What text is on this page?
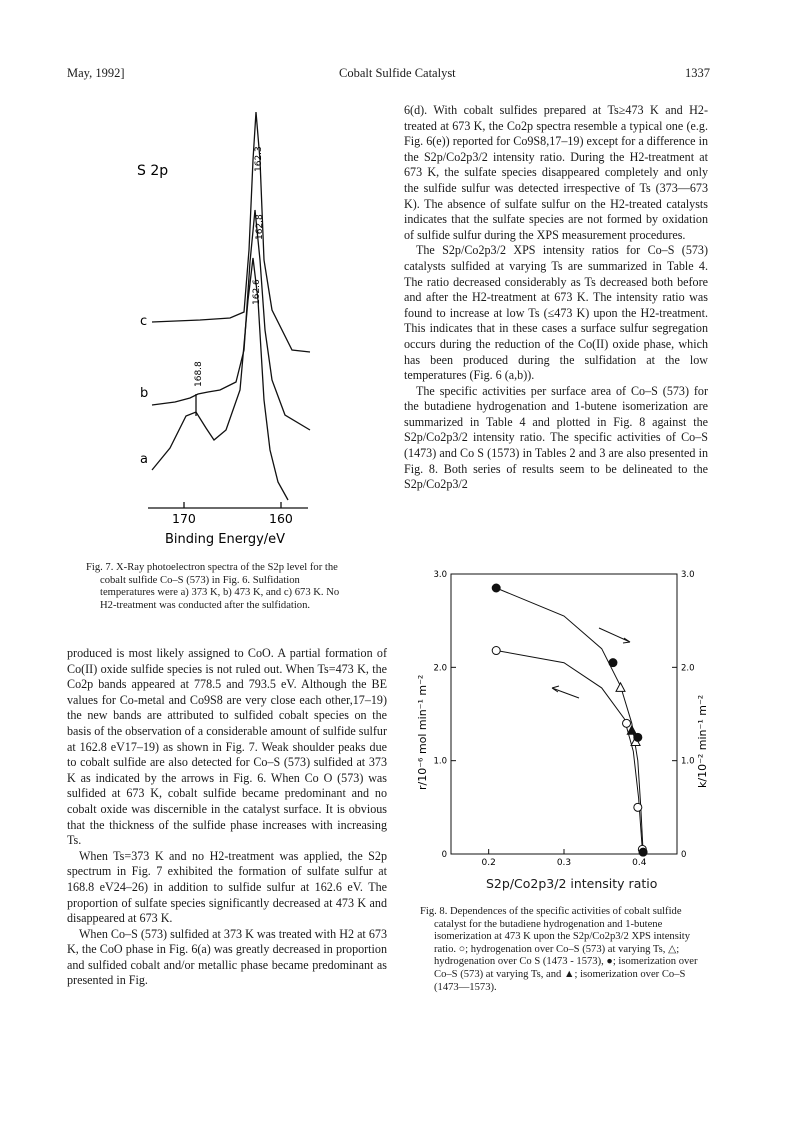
May, 1992]	Cobalt Sulfide Catalyst	1337
S 2p
c
b
a
162.3
162.8
162.6
168.8
170	160
Binding Energy/eV
Fig. 7. X-Ray photoelectron spectra of the S2p level for the cobalt sulfide Co–S (573) in Fig. 6. Sulfidation temperatures were a) 373 K, b) 473 K, and c) 673 K. No H2-treatment was conducted after the sulfidation.

6(d). With cobalt sulfides prepared at Ts≥473 K and H2-treated at 673 K, the Co2p spectra resemble a typical one (e.g. Fig. 6(e)) reported for Co9S8,17–19) except for a difference in the S2p/Co2p3/2 intensity ratio. During the H2-treatment at 673 K, the sulfate species disappeared completely and only the sulfide sulfur was detected irrespective of Ts (373—673 K). The absence of sulfate sulfur on the H2-treated catalysts indicates that the sulfate species are not formed by oxidation of sulfide sulfur during the XPS measurement procedures.

The S2p/Co2p3/2 XPS intensity ratios for Co–S (573) catalysts sulfided at varying Ts are summarized in Table 4. The ratio decreased considerably as Ts decreased both before and after the H2-treatment at 673 K. The intensity ratio was found to increase at low Ts (≤473 K) upon the H2-treatment. This indicates that in these cases a surface sulfur segregation occurs during the reduction of the Co(II) oxide phase, which has been produced during the sulfidation at the low temperatures (Fig. 6 (a,b)).

The specific activities per surface area of Co–S (573) for the butadiene hydrogenation and 1-butene isomerization are summarized in Table 4 and plotted in Fig. 8 against the S2p/Co2p3/2 intensity ratio. The specific activities of Co–S (1473) and Co S (1573) in Tables 2 and 3 are also presented in Fig. 8. Both series of results seem to be delineated to the S2p/Co2p3/2

0.2	0.3	0.4
0
1.0
2.0
3.0
0
1.0
2.0
3.0
r/10⁻⁶ mol min⁻¹ m⁻²	k/10⁻² min⁻¹ m⁻²
S2p/Co2p3/2 intensity ratio
Fig. 8. Dependences of the specific activities of cobalt sulfide catalyst for the butadiene hydrogenation and 1-butene isomerization at 473 K upon the S2p/Co2p3/2 XPS intensity ratio. ○; hydrogenation over Co–S (573) at varying Ts, △; hydrogenation over Co S (1473 - 1573), ●; isomerization over Co–S (573) at varying Ts, and ▲; isomerization over Co–S (1473—1573).

produced is most likely assigned to CoO. A partial formation of Co(II) oxide sulfide species is not ruled out. When Ts=473 K, the Co2p bands appeared at 778.5 and 793.5 eV. Although the BE values for Co-metal and Co9S8 are very close each other,17–19) the new bands are attributed to sulfided cobalt species on the basis of the observation of a considerable amount of sulfide sulfur at 162.8 eV17–19) as shown in Fig. 7. Weak shoulder peaks due to cobalt sulfide are also detected for Co–S (573) sulfided at 373 K as indicated by the arrows in Fig. 6. When Co O (573) was sulfided at 673 K, cobalt sulfide became predominant and no cobalt oxide was discernible in the catalyst surface. It is obvious that the thickness of the sulfide phase increases with increasing Ts.

When Ts=373 K and no H2-treatment was applied, the S2p spectrum in Fig. 7 exhibited the formation of sulfate sulfur at 168.8 eV24–26) in addition to sulfide sulfur at 162.6 eV. The proportion of sulfate species significantly decreased at 473 K and disappeared at 673 K.

When Co–S (573) sulfided at 373 K was treated with H2 at 673 K, the CoO phase in Fig. 6(a) was greatly decreased in proportion and sulfided cobalt and/or metallic phase became predominant as presented in Fig.
